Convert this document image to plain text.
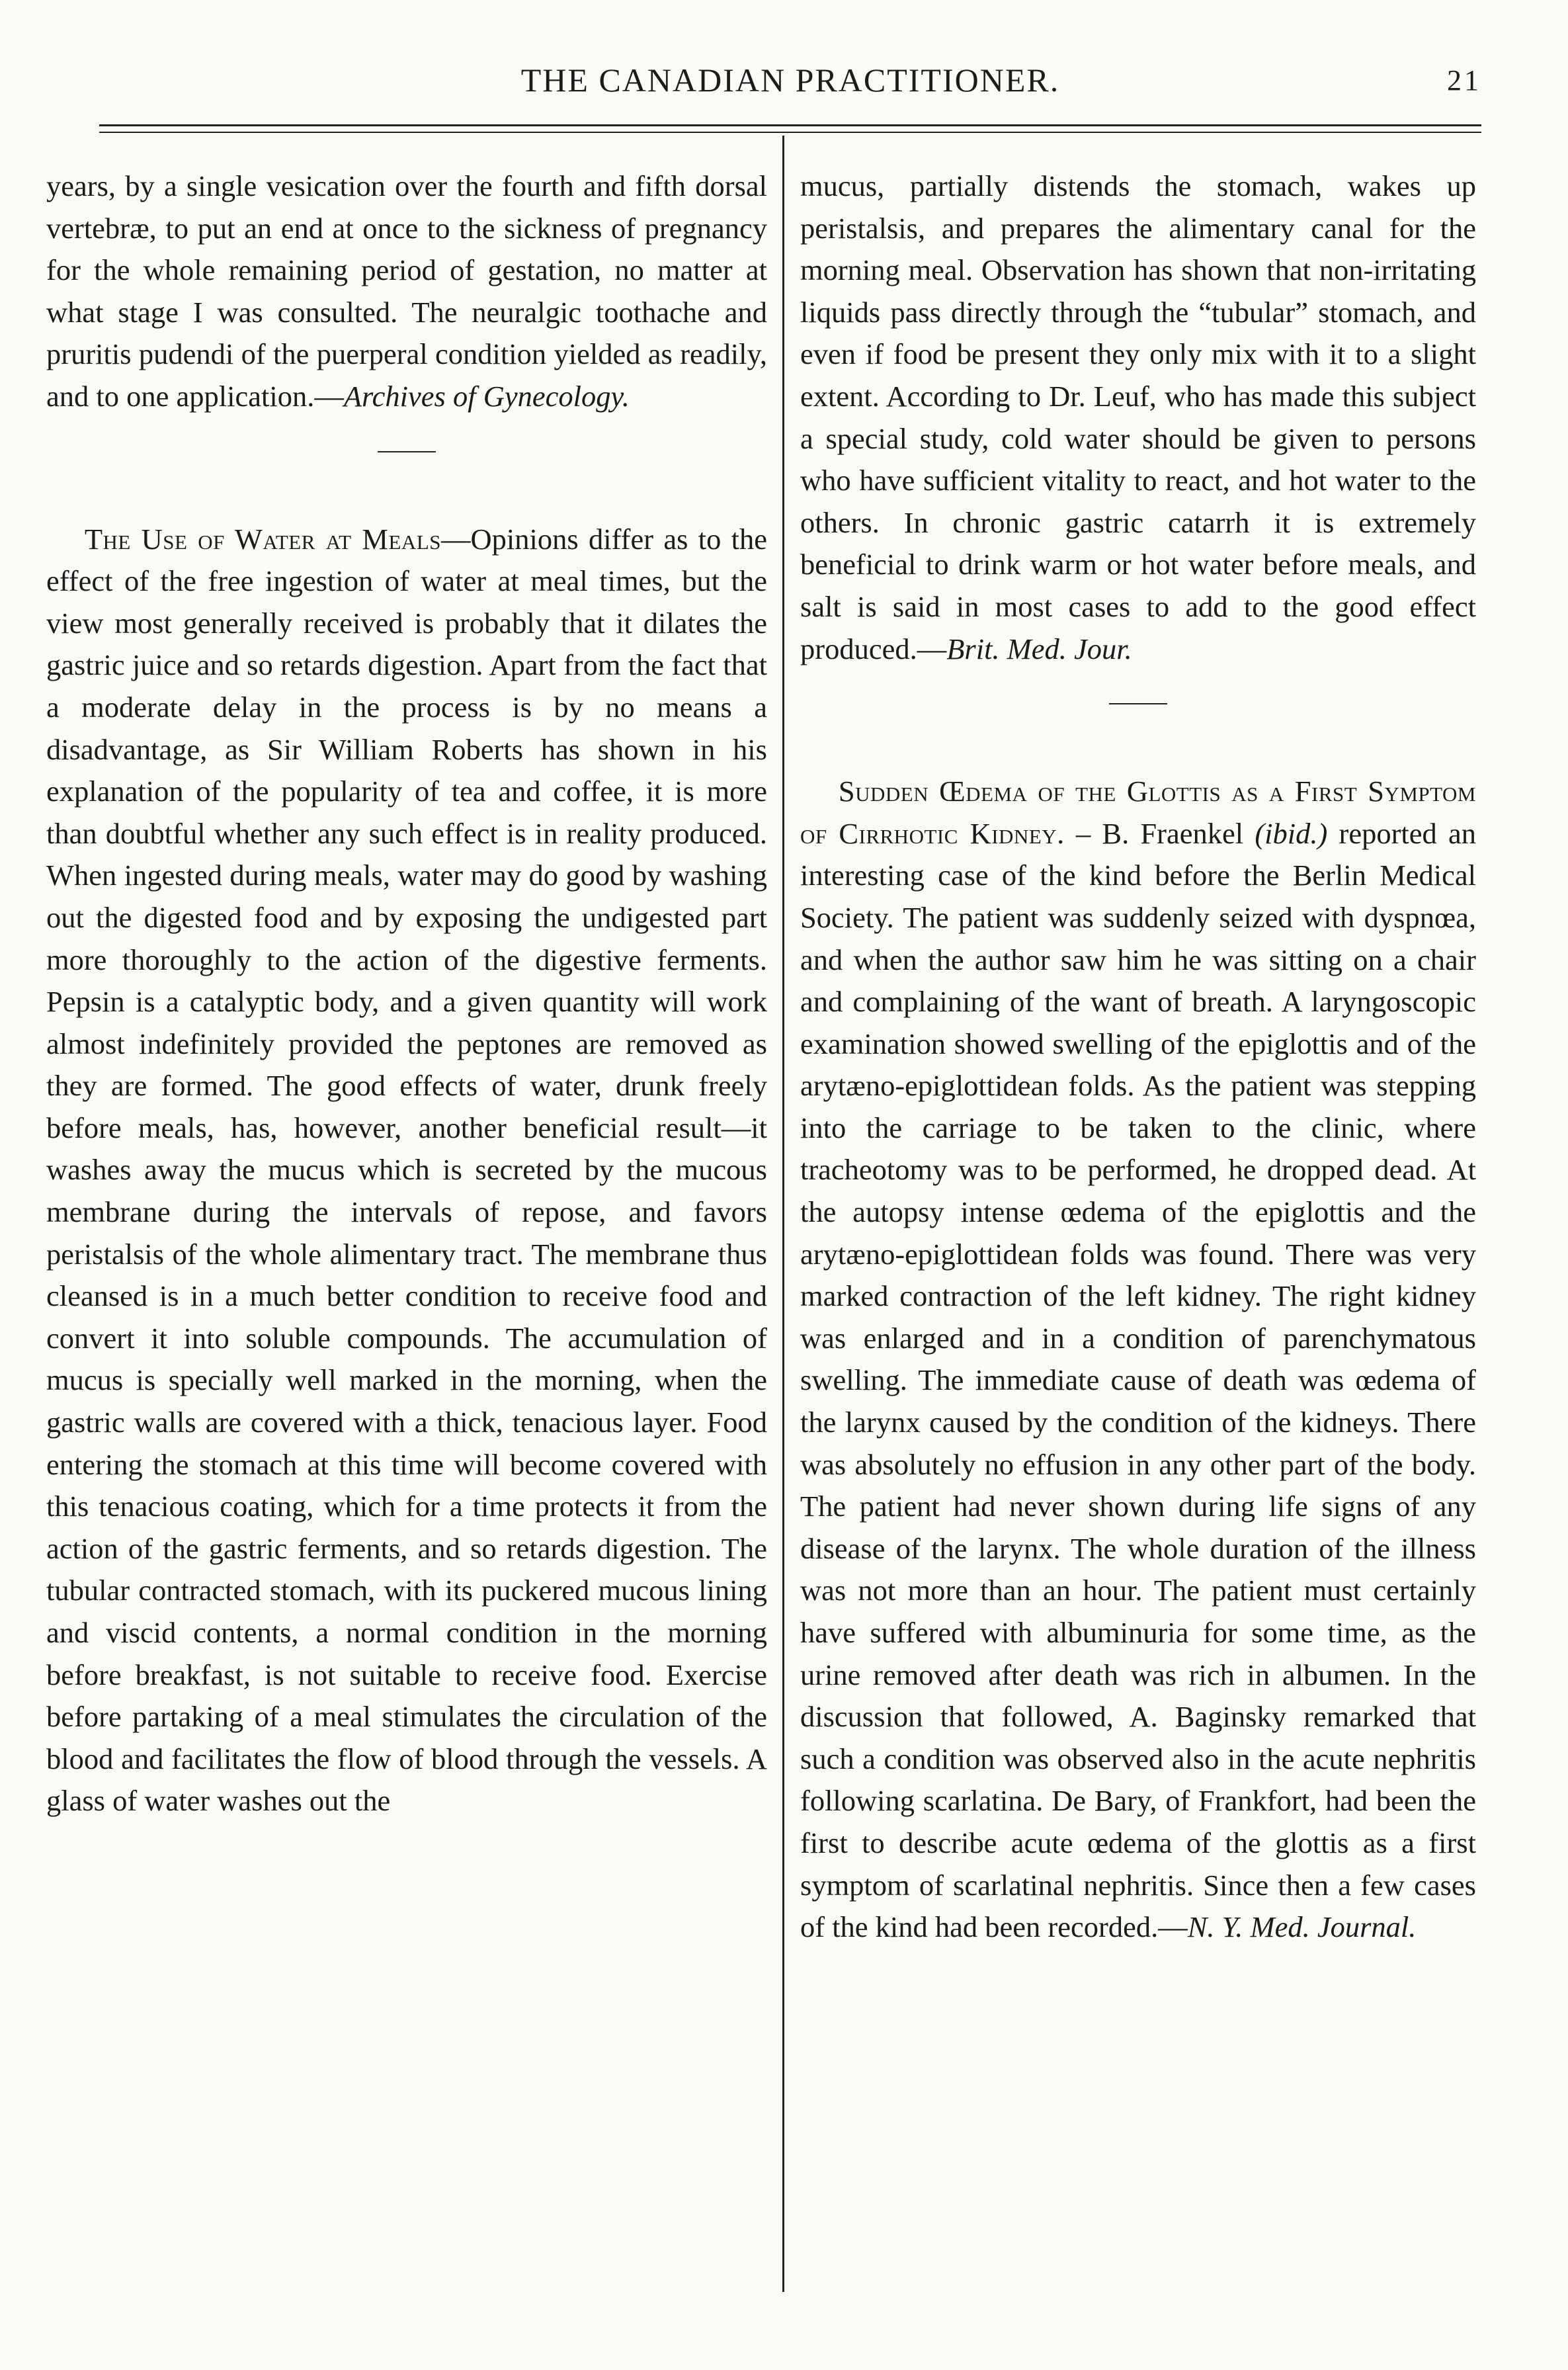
THE CANADIAN PRACTITIONER.	21

years, by a single vesication over the fourth and fifth dorsal vertebræ, to put an end at once to the sickness of pregnancy for the whole remaining period of gestation, no matter at what stage I was consulted. The neuralgic toothache and pruritis pudendi of the puerperal condition yielded as readily, and to one application.—Archives of Gynecology.

The Use of Water at Meals—Opinions differ as to the effect of the free ingestion of water at meal times, but the view most generally received is probably that it dilates the gastric juice and so retards digestion. Apart from the fact that a moderate delay in the process is by no means a disadvantage, as Sir William Roberts has shown in his explanation of the popularity of tea and coffee, it is more than doubtful whether any such effect is in reality produced. When ingested during meals, water may do good by washing out the digested food and by exposing the undigested part more thoroughly to the action of the digestive ferments. Pepsin is a catalyptic body, and a given quantity will work almost indefinitely provided the peptones are removed as they are formed. The good effects of water, drunk freely before meals, has, however, another beneficial result—it washes away the mucus which is secreted by the mucous membrane during the intervals of repose, and favors peristalsis of the whole alimentary tract. The membrane thus cleansed is in a much better condition to receive food and convert it into soluble compounds. The accumulation of mucus is specially well marked in the morning, when the gastric walls are covered with a thick, tenacious layer. Food entering the stomach at this time will become covered with this tenacious coating, which for a time protects it from the action of the gastric ferments, and so retards digestion. The tubular contracted stomach, with its puckered mucous lining and viscid contents, a normal condition in the morning before breakfast, is not suitable to receive food. Exercise before partaking of a meal stimulates the circulation of the blood and facilitates the flow of blood through the vessels. A glass of water washes out the

mucus, partially distends the stomach, wakes up peristalsis, and prepares the alimentary canal for the morning meal. Observation has shown that non-irritating liquids pass directly through the “tubular” stomach, and even if food be present they only mix with it to a slight extent. According to Dr. Leuf, who has made this subject a special study, cold water should be given to persons who have sufficient vitality to react, and hot water to the others. In chronic gastric catarrh it is extremely beneficial to drink warm or hot water before meals, and salt is said in most cases to add to the good effect produced.—Brit. Med. Jour.

Sudden Œdema of the Glottis as a First Symptom of Cirrhotic Kidney. – B. Fraenkel (ibid.) reported an interesting case of the kind before the Berlin Medical Society. The patient was suddenly seized with dyspnœa, and when the author saw him he was sitting on a chair and complaining of the want of breath. A laryngoscopic examination showed swelling of the epiglottis and of the arytæno-epiglottidean folds. As the patient was stepping into the carriage to be taken to the clinic, where tracheotomy was to be performed, he dropped dead. At the autopsy intense œdema of the epiglottis and the arytæno-epiglottidean folds was found. There was very marked contraction of the left kidney. The right kidney was enlarged and in a condition of parenchymatous swelling. The immediate cause of death was œdema of the larynx caused by the condition of the kidneys. There was absolutely no effusion in any other part of the body. The patient had never shown during life signs of any disease of the larynx. The whole duration of the illness was not more than an hour. The patient must certainly have suffered with albuminuria for some time, as the urine removed after death was rich in albumen. In the discussion that followed, A. Baginsky remarked that such a condition was observed also in the acute nephritis following scarlatina. De Bary, of Frankfort, had been the first to describe acute œdema of the glottis as a first symptom of scarlatinal nephritis. Since then a few cases of the kind had been recorded.—N. Y. Med. Journal.
